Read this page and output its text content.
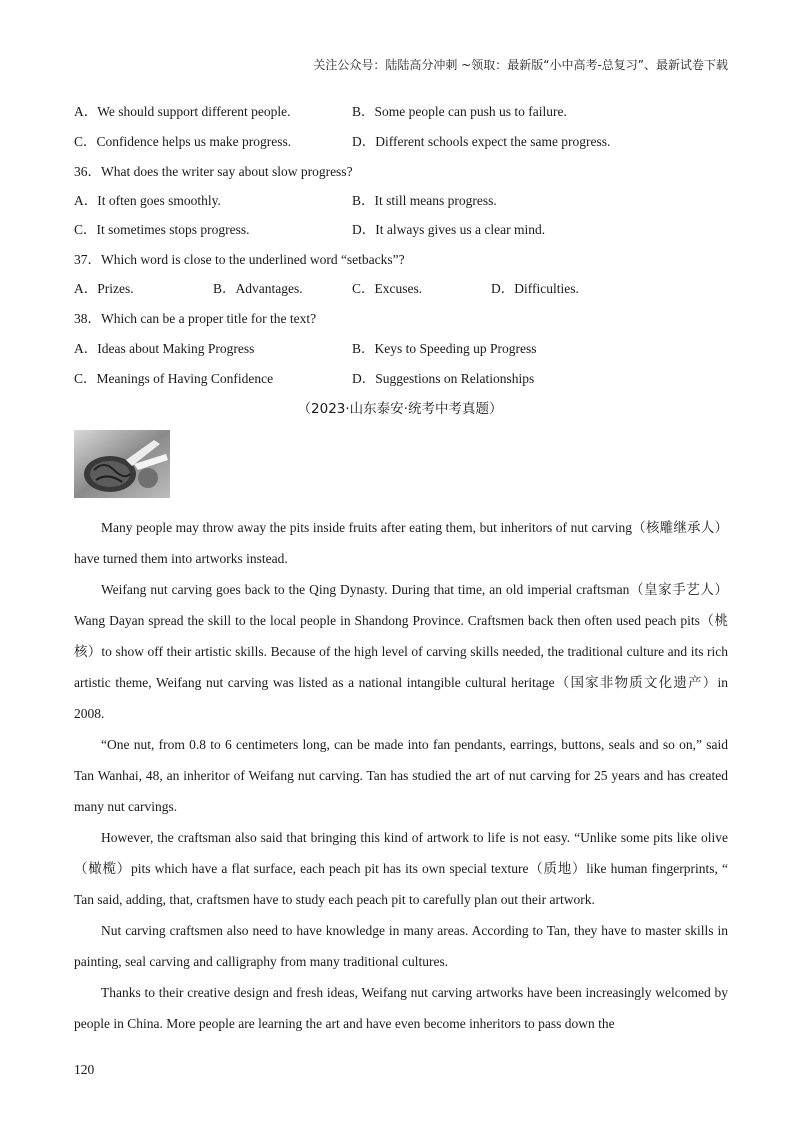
关注公众号：陆陆高分冲刺 ~领取：最新版“小中高考-总复习”、最新试卷下载
A．We should support different people.	B．Some people can push us to failure.
C．Confidence helps us make progress.	D．Different schools expect the same progress.
36．What does the writer say about slow progress?
A．It often goes smoothly.	B．It still means progress.
C．It sometimes stops progress.	D．It always gives us a clear mind.
37．Which word is close to the underlined word “setbacks”?
A．Prizes.	B．Advantages.	C．Excuses.	D．Difficulties.
38．Which can be a proper title for the text?
A．Ideas about Making Progress	B．Keys to Speeding up Progress
C．Meanings of Having Confidence	D．Suggestions on Relationships
（2023·山东泰安·统考中考真题）

Many people may throw away the pits inside fruits after eating them, but inheritors of nut carving（核雕继承人）have turned them into artworks instead.

Weifang nut carving goes back to the Qing Dynasty. During that time, an old imperial craftsman（皇家手艺人）Wang Dayan spread the skill to the local people in Shandong Province. Craftsmen back then often used peach pits（桃核）to show off their artistic skills. Because of the high level of carving skills needed, the traditional culture and its rich artistic theme, Weifang nut carving was listed as a national intangible cultural heritage（国家非物质文化遗产）in 2008.

“One nut, from 0.8 to 6 centimeters long, can be made into fan pendants, earrings, buttons, seals and so on,” said Tan Wanhai, 48, an inheritor of Weifang nut carving. Tan has studied the art of nut carving for 25 years and has created many nut carvings.

However, the craftsman also said that bringing this kind of artwork to life is not easy. “Unlike some pits like olive（橄榄）pits which have a flat surface, each peach pit has its own special texture（质地）like human fingerprints, “ Tan said, adding, that, craftsmen have to study each peach pit to carefully plan out their artwork.

Nut carving craftsmen also need to have knowledge in many areas. According to Tan, they have to master skills in painting, seal carving and calligraphy from many traditional cultures.

Thanks to their creative design and fresh ideas, Weifang nut carving artworks have been increasingly welcomed by people in China. More people are learning the art and have even become inheritors to pass down the

120
